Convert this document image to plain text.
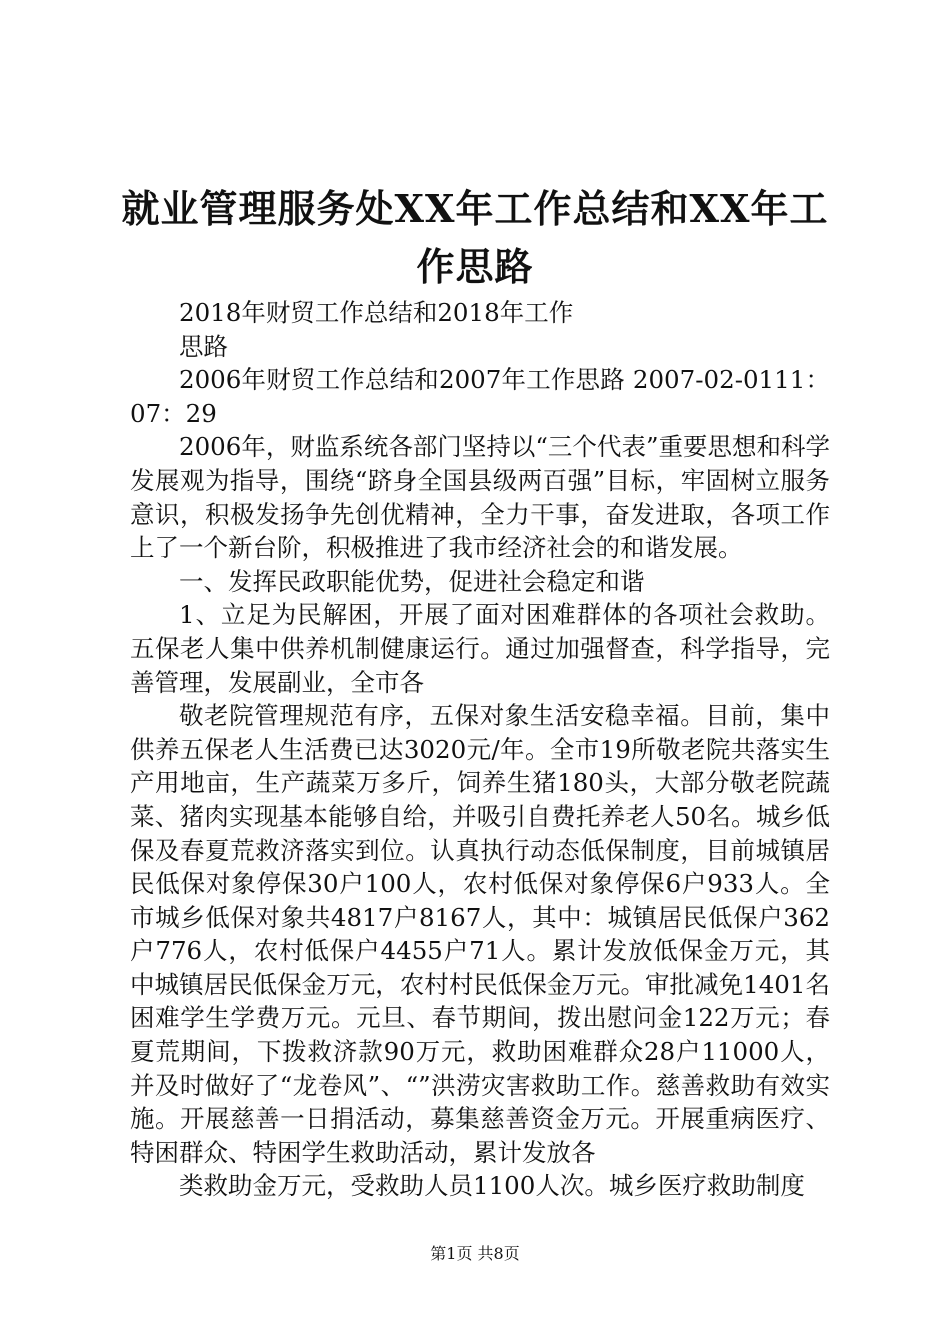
就业管理服务处XX年工作总结和XX年工作思路

2018年财贸工作总结和2018年工作

思路

2006年财贸工作总结和2007年工作思路 2007-02-0111：07：29

2006年，财监系统各部门坚持以“三个代表”重要思想和科学发展观为指导，围绕“跻身全国县级两百强”目标，牢固树立服务意识，积极发扬争先创优精神，全力干事，奋发进取，各项工作上了一个新台阶，积极推进了我市经济社会的和谐发展。

一、发挥民政职能优势，促进社会稳定和谐

1、立足为民解困，开展了面对困难群体的各项社会救助。五保老人集中供养机制健康运行。通过加强督查，科学指导，完善管理，发展副业，全市各

敬老院管理规范有序，五保对象生活安稳幸福。目前，集中供养五保老人生活费已达3020元/年。全市19所敬老院共落实生产用地亩，生产蔬菜万多斤，饲养生猪180头，大部分敬老院蔬菜、猪肉实现基本能够自给，并吸引自费托养老人50名。城乡低保及春夏荒救济落实到位。认真执行动态低保制度，目前城镇居民低保对象停保30户100人，农村低保对象停保6户933人。全市城乡低保对象共4817户8167人，其中：城镇居民低保户362户776人，农村低保户4455户71人。累计发放低保金万元，其中城镇居民低保金万元，农村村民低保金万元。审批减免1401名困难学生学费万元。元旦、春节期间，拨出慰问金122万元；春夏荒期间，下拨救济款90万元，救助困难群众28户11000人，并及时做好了“龙卷风”、“”洪涝灾害救助工作。慈善救助有效实施。开展慈善一日捐活动，募集慈善资金万元。开展重病医疗、特困群众、特困学生救助活动，累计发放各

类救助金万元，受救助人员1100人次。城乡医疗救助制度

第1页 共8页
